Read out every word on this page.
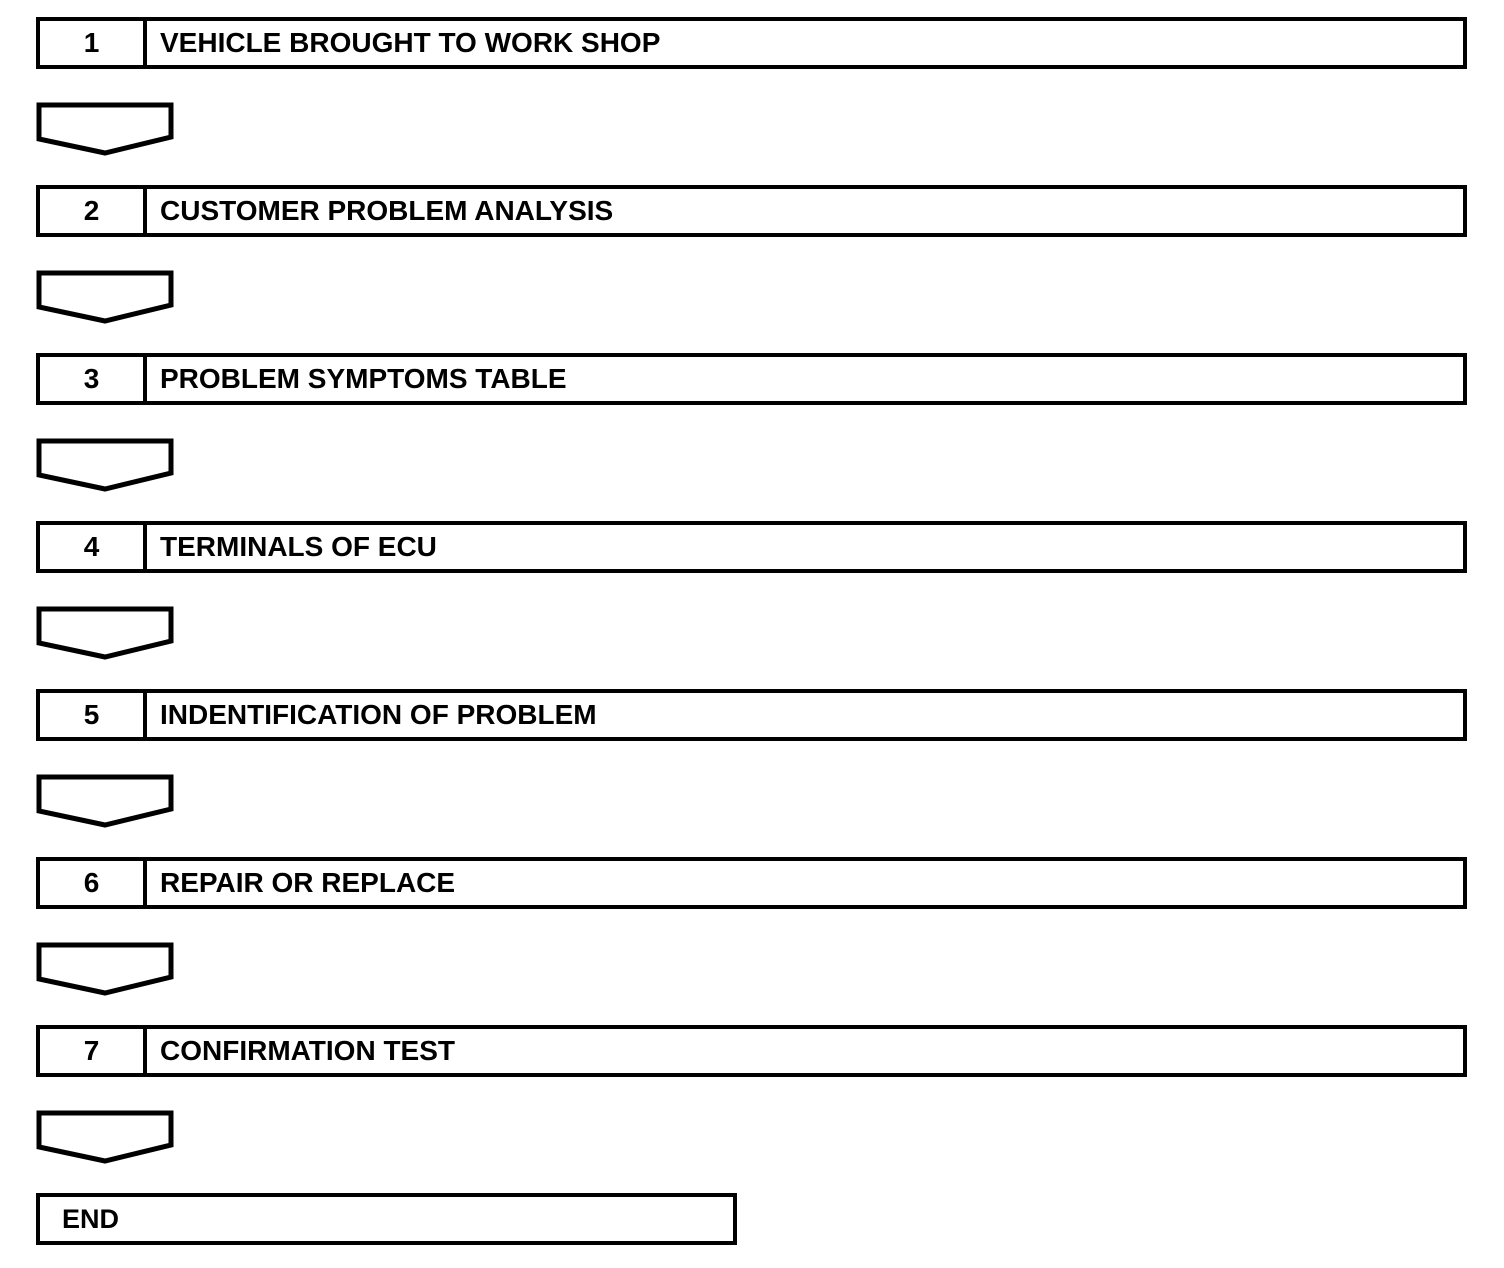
1	VEHICLE BROUGHT TO WORK SHOP
2	CUSTOMER PROBLEM ANALYSIS
3	PROBLEM SYMPTOMS TABLE
4	TERMINALS OF ECU
5	INDENTIFICATION OF PROBLEM
6	REPAIR OR REPLACE
7	CONFIRMATION TEST
END
